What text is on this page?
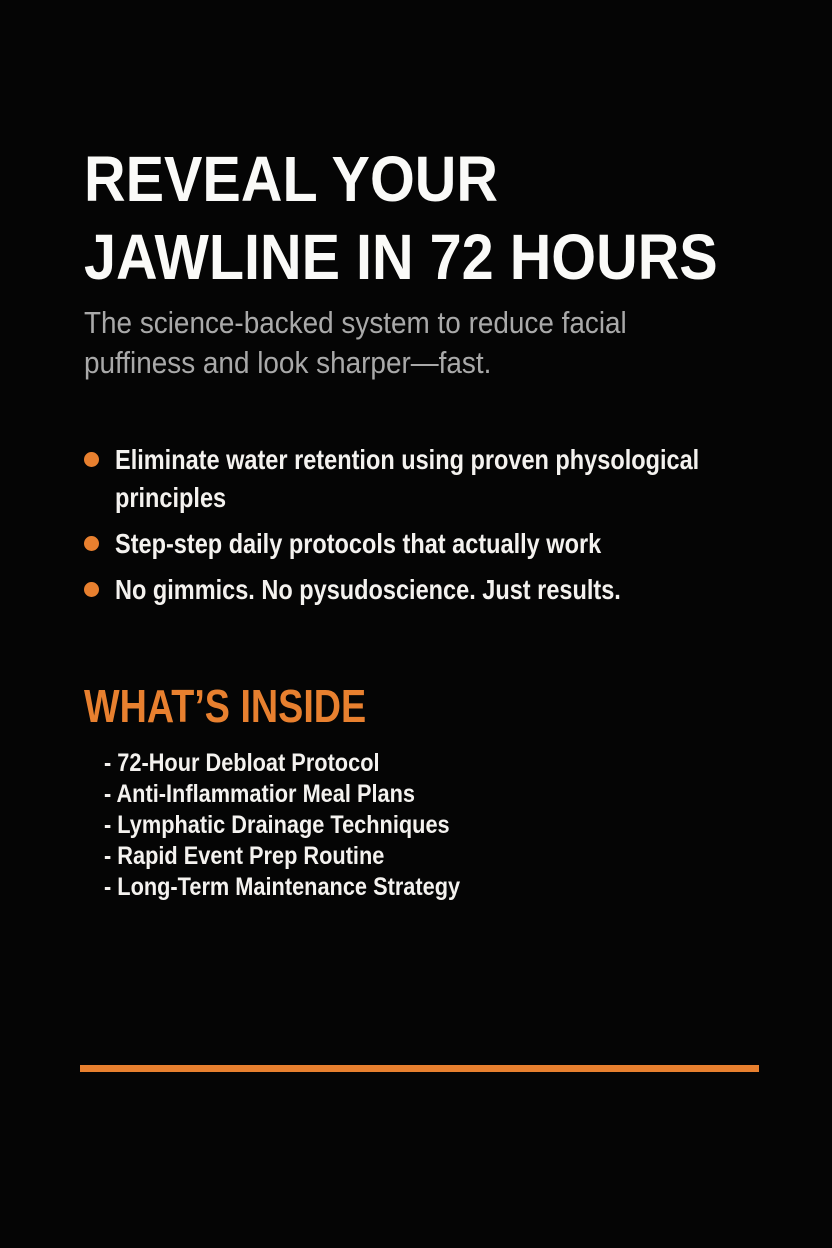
REVEAL YOUR
JAWLINE IN 72 HOURS

The science-backed system to reduce facial
puffiness and look sharper—fast.

Eliminate water retention using proven physological principles
Step-step daily protocols that actually work
No gimmics. No pysudoscience. Just results.
WHAT’S INSIDE
- 72-Hour Debloat Protocol
- Anti-Inflammatior Meal Plans
- Lymphatic Drainage Techniques
- Rapid Event Prep Routine
- Long-Term Maintenance Strategy
